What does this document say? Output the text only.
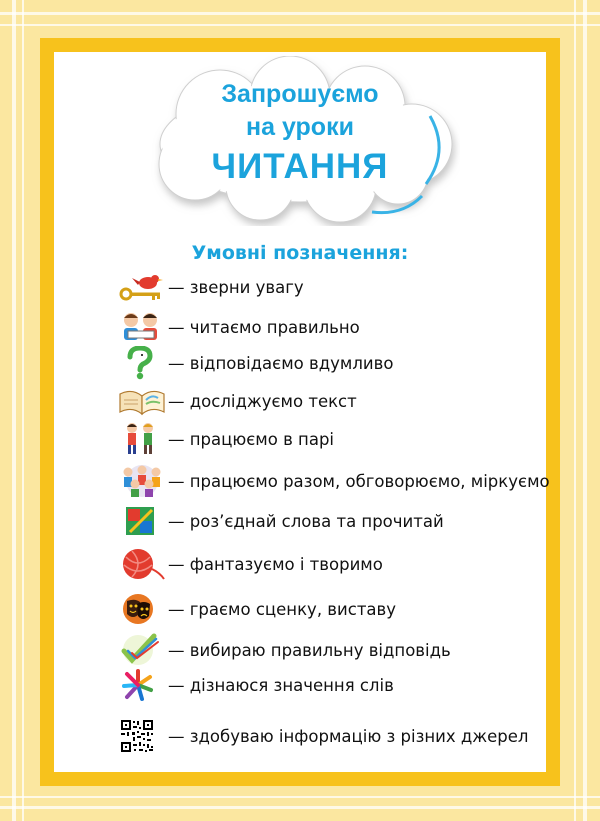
Запрошуємо
на уроки
ЧИТАННЯ
Умовні позначення:
— зверни увагу
— читаємо правильно
— відповідаємо вдумливо
— досліджуємо текст
— працюємо в парі
— працюємо разом, обговорюємо, міркуємо
— роз’єднай слова та прочитай
— фантазуємо і творимо
— граємо сценку, виставу
— вибираю правильну відповідь
— дізнаюся значення слів
— здобуваю інформацію з різних джерел
